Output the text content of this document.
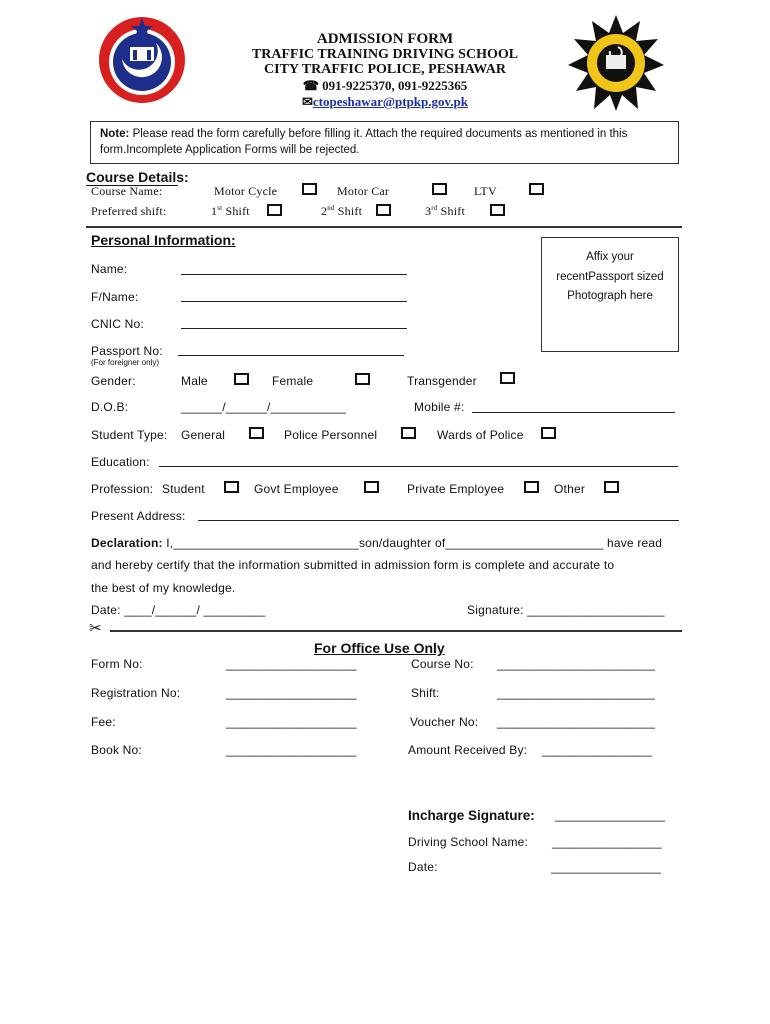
ADMISSION FORM
TRAFFIC TRAINING DRIVING SCHOOL
CITY TRAFFIC POLICE, PESHAWAR
☎ 091-9225370, 091-9225365
✉ctopeshawar@ptpkp.gov.pk
Note: Please read the form carefully before filling it. Attach the required documents as mentioned in this form.Incomplete Application Forms will be rejected.
Course Details:
Course Name:	Motor Cycle	Motor Car	LTV
Preferred shift:	1st Shift	2nd Shift	3rd Shift
Personal Information:
Affix your recentPassport sized Photograph here
Name:
F/Name:
CNIC No:
Passport No:
(For foreigner only)
Gender:	Male	Female	Transgender
D.O.B:	______/______/___________	Mobile #:
Student Type: General	Police Personnel	Wards of Police
Education:
Profession: Student	Govt Employee	Private Employee	Other
Present Address:
Declaration: I,___________________________son/daughter of_______________________ have read
and hereby certify that the information submitted in admission form is complete and accurate to
the best of my knowledge.
Date: ____/______/ _________	Signature: ____________________
✂
For Office Use Only
Form No:	___________________	Course No: _______________________
Registration No:	___________________	Shift:	_______________________
Fee:	___________________	Voucher No: _______________________
Book No:	___________________	Amount Received By: ________________
Incharge Signature: ________________
Driving School Name: ________________
Date:	________________
